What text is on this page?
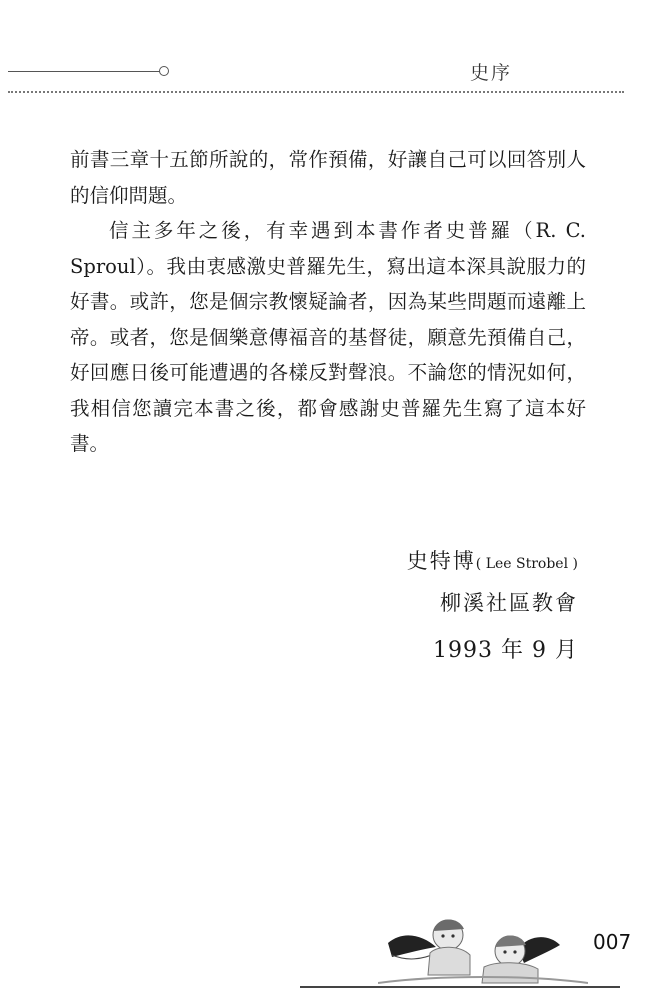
史序

前書三章十五節所說的，常作預備，好讓自己可以回答別人的信仰問題。

信主多年之後，有幸遇到本書作者史普羅（R. C. Sproul）。我由衷感激史普羅先生，寫出這本深具說服力的好書。或許，您是個宗教懷疑論者，因為某些問題而遠離上帝。或者，您是個樂意傳福音的基督徒，願意先預備自己，好回應日後可能遭遇的各樣反對聲浪。不論您的情況如何，我相信您讀完本書之後，都會感謝史普羅先生寫了這本好書。

史特博( Lee Strobel )
柳溪社區教會
1993 年 9 月
007
